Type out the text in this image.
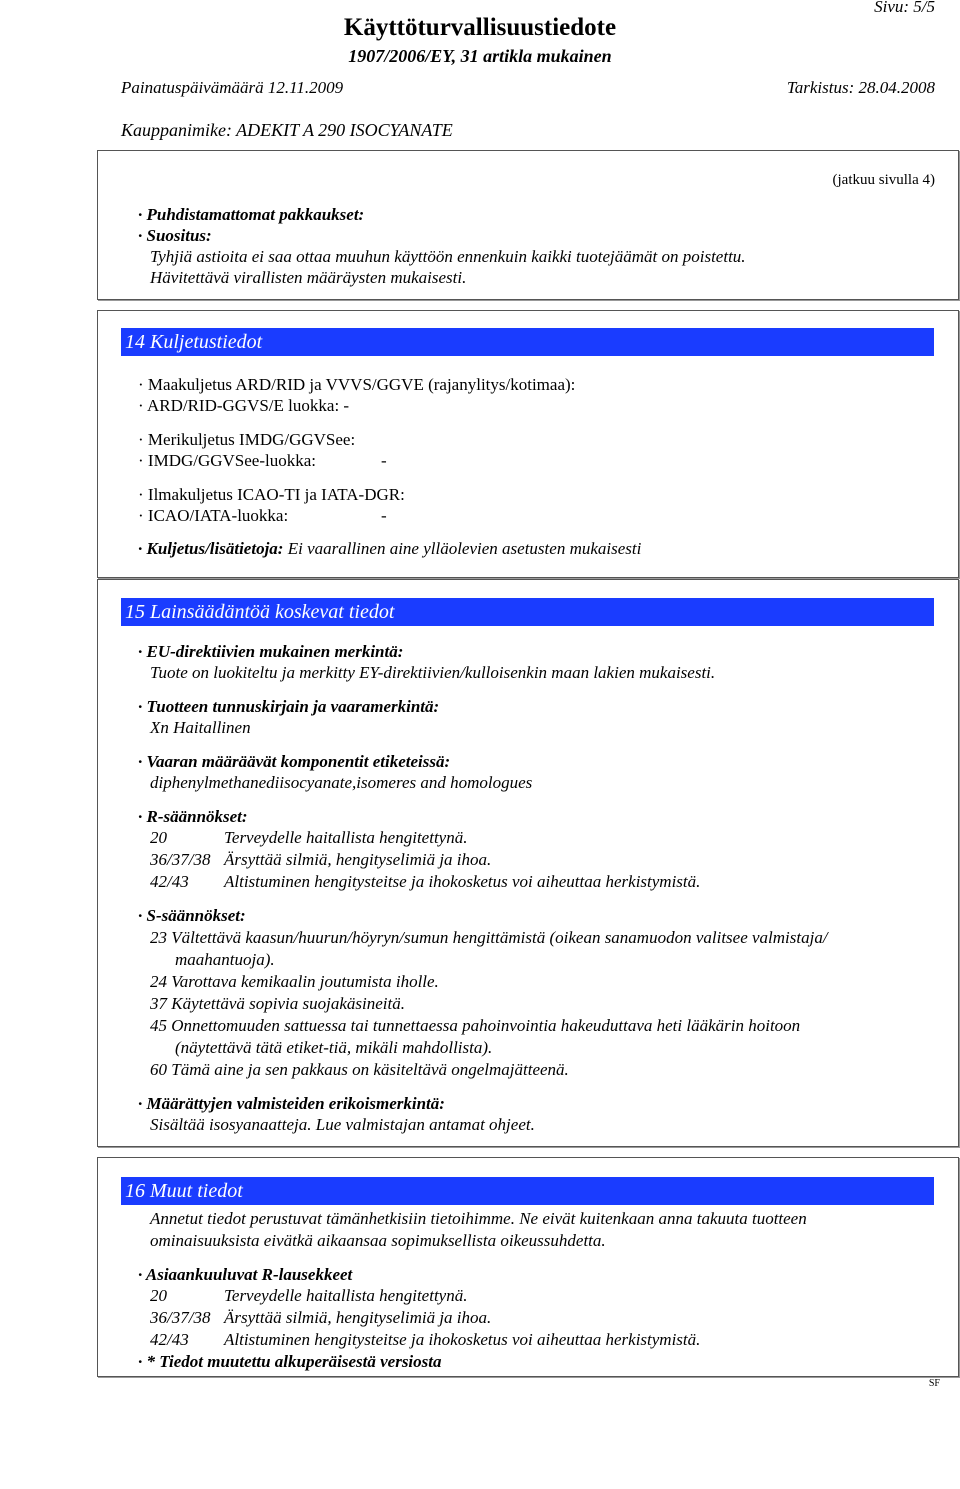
Sivu: 5/5
Käyttöturvallisuustiedote
1907/2006/EY, 31 artikla mukainen
Painatuspäivämäärä 12.11.2009	Tarkistus: 28.04.2008
Kauppanimike: ADEKIT A 290 ISOCYANATE
(jatkuu sivulla 4)
· Puhdistamattomat pakkaukset:
· Suositus:
Tyhjiä astioita ei saa ottaa muuhun käyttöön ennenkuin kaikki tuotejäämät on poistettu.
Hävitettävä virallisten määräysten mukaisesti.
14 Kuljetustiedot
· Maakuljetus ARD/RID ja VVVS/GGVE (rajanylitys/kotimaa):
· ARD/RID-GGVS/E luokka: -
· Merikuljetus IMDG/GGVSee:
· IMDG/GGVSee-luokka:	-
· Ilmakuljetus ICAO-TI ja IATA-DGR:
· ICAO/IATA-luokka:	-
· Kuljetus/lisätietoja: Ei vaarallinen aine ylläolevien asetusten mukaisesti
15 Lainsäädäntöä koskevat tiedot
· EU-direktiivien mukainen merkintä:
Tuote on luokiteltu ja merkitty EY-direktiivien/kulloisenkin maan lakien mukaisesti.
· Tuotteen tunnuskirjain ja vaaramerkintä:
Xn Haitallinen
· Vaaran määräävät komponentit etiketeissä:
diphenylmethanediisocyanate,isomeres and homologues
· R-säännökset:
20	Terveydelle haitallista hengitettynä.
36/37/38 Ärsyttää silmiä, hengityselimiä ja ihoa.
42/43 Altistuminen hengitysteitse ja ihokosketus voi aiheuttaa herkistymistä.
· S-säännökset:
23 Vältettävä kaasun/huurun/höyryn/sumun hengittämistä (oikean sanamuodon valitsee valmistaja/
maahantuoja).
24 Varottava kemikaalin joutumista iholle.
37 Käytettävä sopivia suojakäsineitä.
45 Onnettomuuden sattuessa tai tunnettaessa pahoinvointia hakeuduttava heti lääkärin hoitoon
(näytettävä tätä etiket-tiä, mikäli mahdollista).
60 Tämä aine ja sen pakkaus on käsiteltävä ongelmajätteenä.
· Määrättyjen valmisteiden erikoismerkintä:
Sisältää isosyanaatteja. Lue valmistajan antamat ohjeet.
16 Muut tiedot
Annetut tiedot perustuvat tämänhetkisiin tietoihimme. Ne eivät kuitenkaan anna takuuta tuotteen
ominaisuuksista eivätkä aikaansaa sopimuksellista oikeussuhdetta.
· Asiaankuuluvat R-lausekkeet
20	Terveydelle haitallista hengitettynä.
36/37/38 Ärsyttää silmiä, hengityselimiä ja ihoa.
42/43 Altistuminen hengitysteitse ja ihokosketus voi aiheuttaa herkistymistä.
· * Tiedot muutettu alkuperäisestä versiosta
SF
